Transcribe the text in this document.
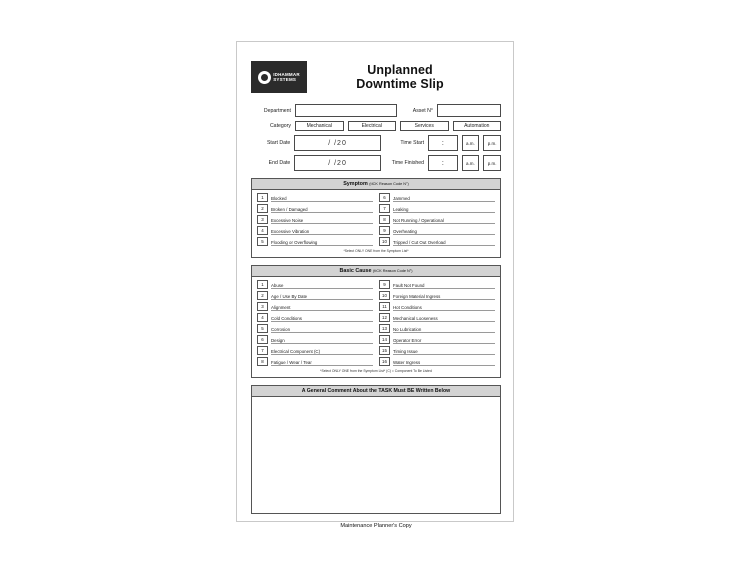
IDHAMMAR
SYSTEMS
Unplanned
Downtime Slip
Department	Asset N°
Category	Mechanical	Electrical	Services	Automation
Start Date	/ /20	Time Start	:	a.m.	p.m.
End Date	/ /20	Time Finished	:	a.m.	p.m.
Symptom (tICK Reason Code N°)
1	Blocked
2	Broken / Damaged
3	Excessive Noise
4	Excessive Vibration
5	Flooding or Overflowing
6	Jammed
7	Leaking
8	Not Running / Operational
9	Overheating
10	Tripped / Cut Out Overload
*Select ONLY ONE from the Symptom List*
Basic Cause (tICK Reason Code N°)
1	Abuse
2	Age / Use By Date
3	Alignment
4	Cold Conditions
5	Corrosion
6	Design
7	Electrical Component (C)
8	Fatigue / Wear / Tear
9	Fault Not Found
10	Foreign Material Ingress
11	Hot Conditions
12	Mechanical Looseness
13	No Lubrication
14	Operator Error
15	Timing Issue
16	Water Ingress
*Select ONLY ONE from the Symptom List* (C) = Component To Be Listed
A General Comment About the TASK Must BE Written Below
Maintenance Planner's Copy
